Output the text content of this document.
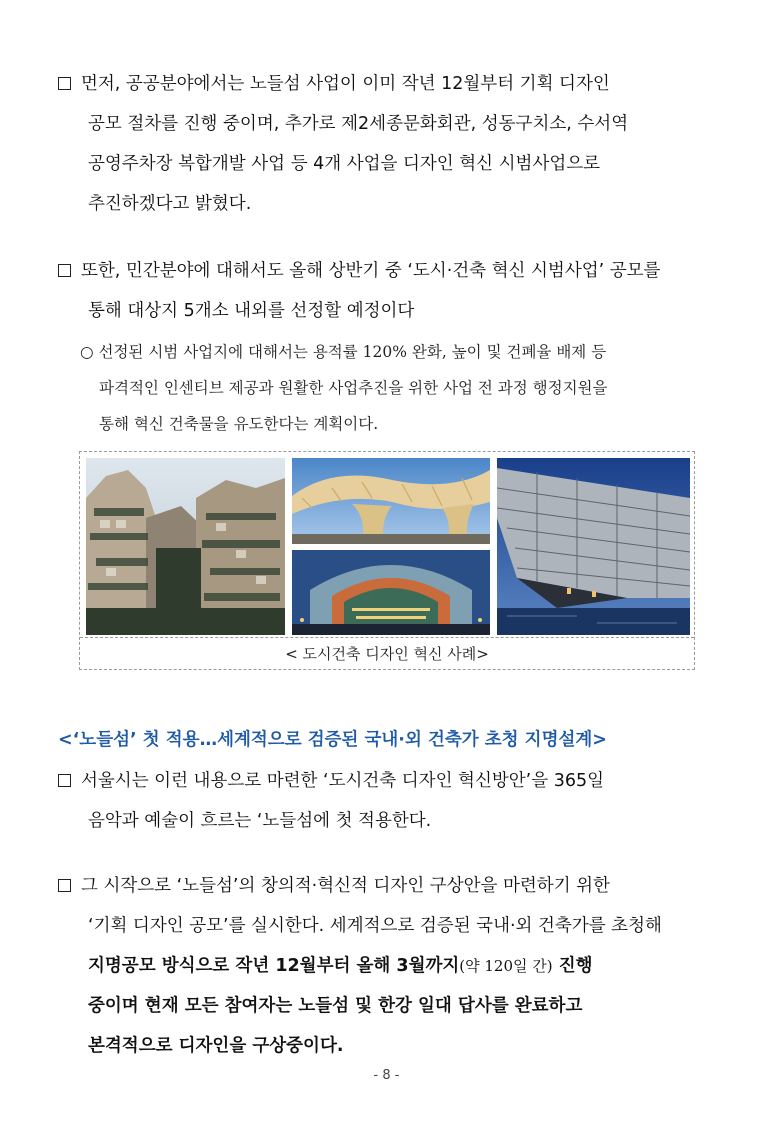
먼저, 공공분야에서는 노들섬 사업이 이미 작년 12월부터 기획 디자인
공모 절차를 진행 중이며, 추가로 제2세종문화회관, 성동구치소, 수서역
공영주차장 복합개발 사업 등 4개 사업을 디자인 혁신 시범사업으로
추진하겠다고 밝혔다.
또한, 민간분야에 대해서도 올해 상반기 중 ‘도시·건축 혁신 시범사업’ 공모를
통해 대상지 5개소 내외를 선정할 예정이다
○ 선정된 시범 사업지에 대해서는 용적률 120% 완화, 높이 및 건폐율 배제 등
파격적인 인센티브 제공과 원활한 사업추진을 위한 사업 전 과정 행정지원을
통해 혁신 건축물을 유도한다는 계획이다.
< 도시건축 디자인 혁신 사례>
<‘노들섬’ 첫 적용…세계적으로 검증된 국내·외 건축가 초청 지명설계>
서울시는 이런 내용으로 마련한 ‘도시건축 디자인 혁신방안’을 365일
음악과 예술이 흐르는 ‘노들섬에 첫 적용한다.
그 시작으로 ‘노들섬’의 창의적·혁신적 디자인 구상안을 마련하기 위한
‘기획 디자인 공모’를 실시한다. 세계적으로 검증된 국내·외 건축가를 초청해
지명공모 방식으로 작년 12월부터 올해 3월까지(약 120일 간) 진행
중이며 현재 모든 참여자는 노들섬 및 한강 일대 답사를 완료하고
본격적으로 디자인을 구상중이다.
- 8 -
